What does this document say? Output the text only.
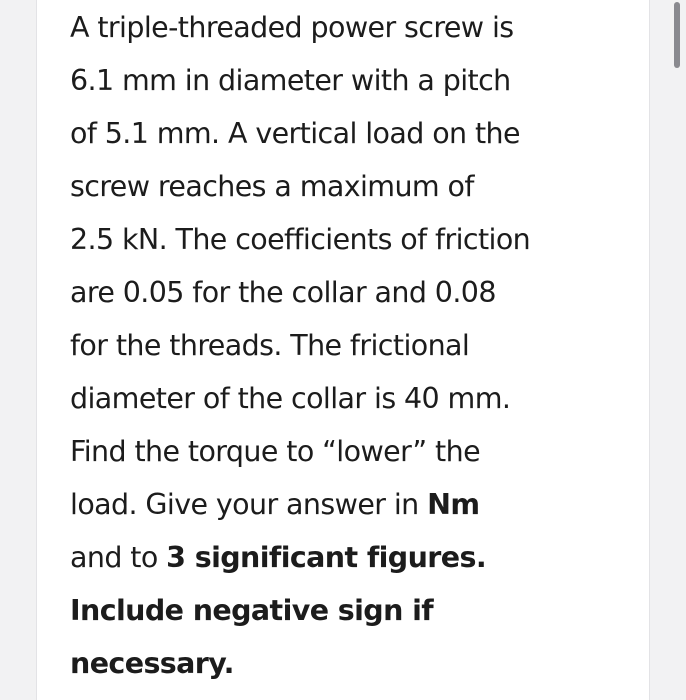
A triple-threaded power screw is
6.1 mm in diameter with a pitch
of 5.1 mm. A vertical load on the
screw reaches a maximum of
2.5 kN. The coefficients of friction
are 0.05 for the collar and 0.08
for the threads. The frictional
diameter of the collar is 40 mm.
Find the torque to “lower” the
load. Give your answer in Nm
and to 3 significant figures.
Include negative sign if
necessary.
